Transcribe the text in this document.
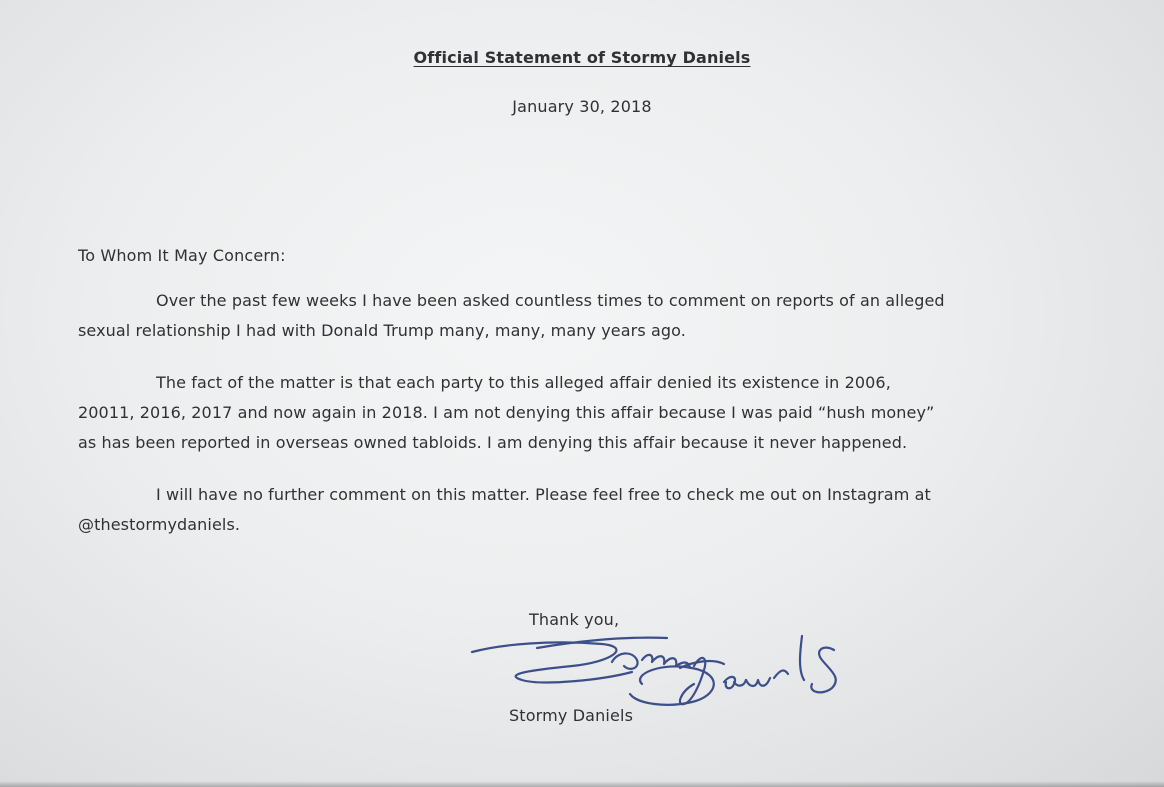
Official Statement of Stormy Daniels
January 30, 2018
To Whom It May Concern:
Over the past few weeks I have been asked countless times to comment on reports of an alleged
sexual relationship I had with Donald Trump many, many, many years ago.
The fact of the matter is that each party to this alleged affair denied its existence in 2006,
20011, 2016, 2017 and now again in 2018. I am not denying this affair because I was paid “hush money”
as has been reported in overseas owned tabloids. I am denying this affair because it never happened.
I will have no further comment on this matter. Please feel free to check me out on Instagram at
@thestormydaniels.
Thank you,
Stormy Daniels
